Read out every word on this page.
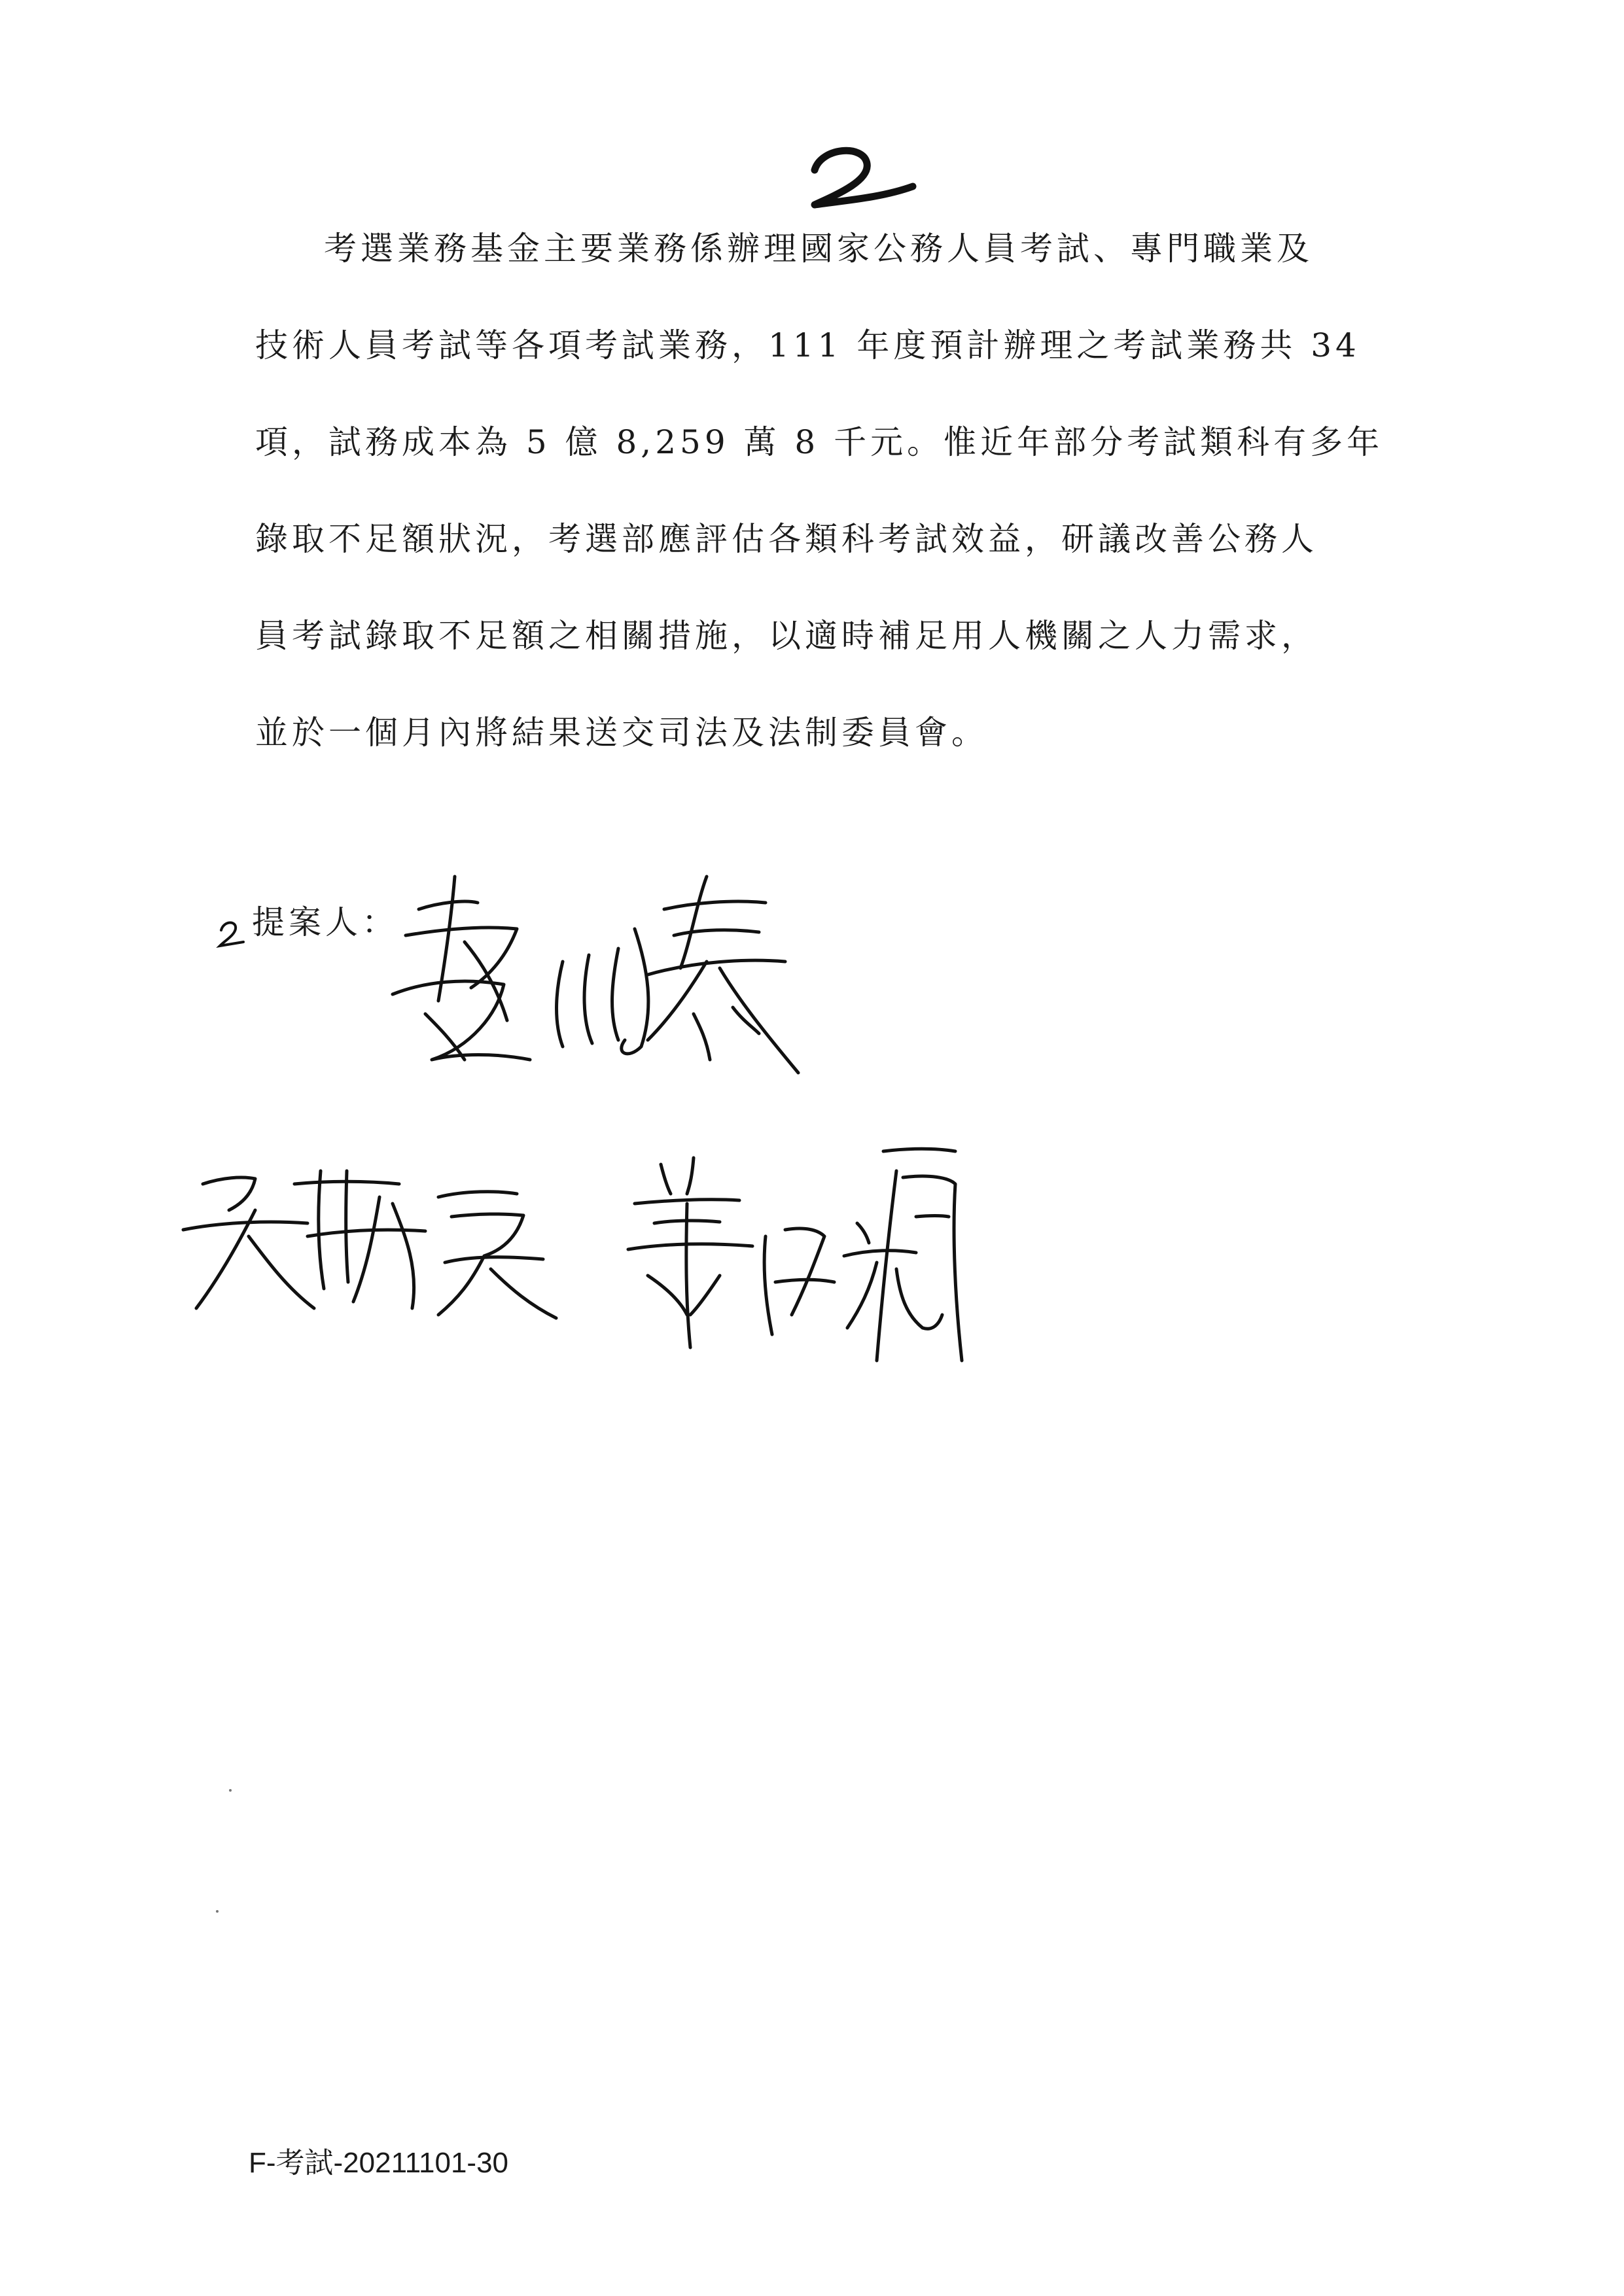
考選業務基金主要業務係辦理國家公務人員考試、專門職業及
技術人員考試等各項考試業務，111 年度預計辦理之考試業務共 34
項，試務成本為 5 億 8,259 萬 8 千元。惟近年部分考試類科有多年
錄取不足額狀況，考選部應評估各類科考試效益，研議改善公務人
員考試錄取不足額之相關措施，以適時補足用人機關之人力需求，
並於一個月內將結果送交司法及法制委員會。
提案人：
F-考試-20211101-30
